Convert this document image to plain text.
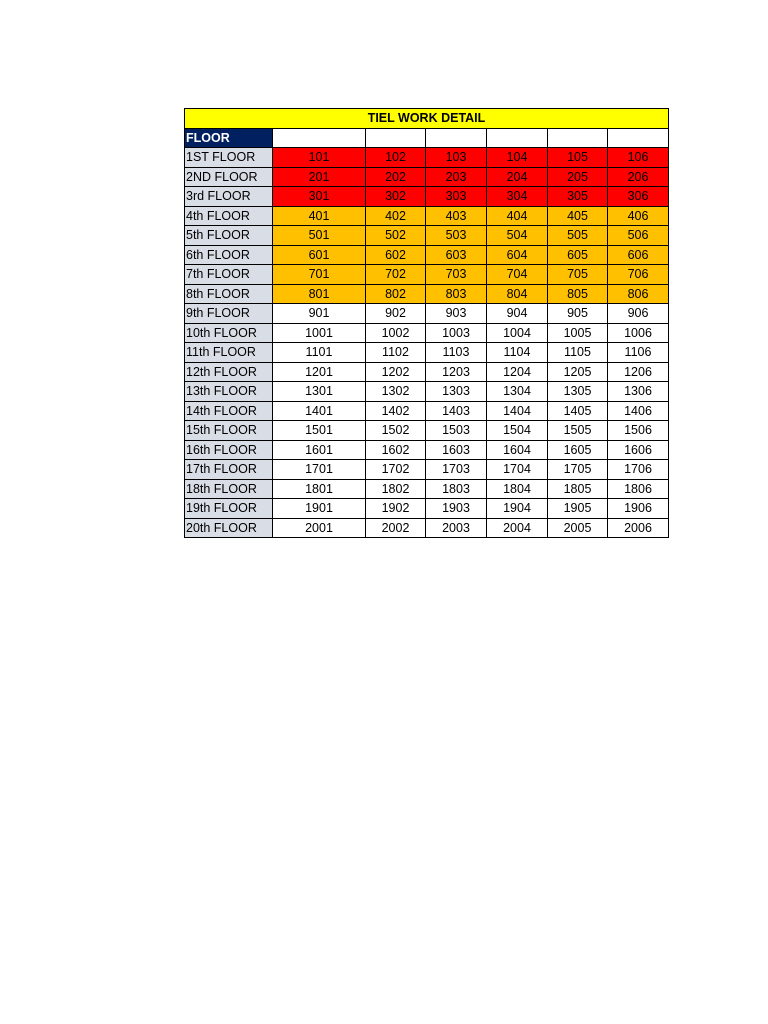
TIEL WORK DETAIL						
FLOOR						
1ST FLOOR	101	102	103	104	105	106
2ND FLOOR	201	202	203	204	205	206
3rd FLOOR	301	302	303	304	305	306
4th FLOOR	401	402	403	404	405	406
5th FLOOR	501	502	503	504	505	506
6th FLOOR	601	602	603	604	605	606
7th FLOOR	701	702	703	704	705	706
8th FLOOR	801	802	803	804	805	806
9th FLOOR	901	902	903	904	905	906
10th FLOOR	1001	1002	1003	1004	1005	1006
11th FLOOR	1101	1102	1103	1104	1105	1106
12th FLOOR	1201	1202	1203	1204	1205	1206
13th FLOOR	1301	1302	1303	1304	1305	1306
14th FLOOR	1401	1402	1403	1404	1405	1406
15th FLOOR	1501	1502	1503	1504	1505	1506
16th FLOOR	1601	1602	1603	1604	1605	1606
17th FLOOR	1701	1702	1703	1704	1705	1706
18th FLOOR	1801	1802	1803	1804	1805	1806
19th FLOOR	1901	1902	1903	1904	1905	1906
20th FLOOR	2001	2002	2003	2004	2005	2006
